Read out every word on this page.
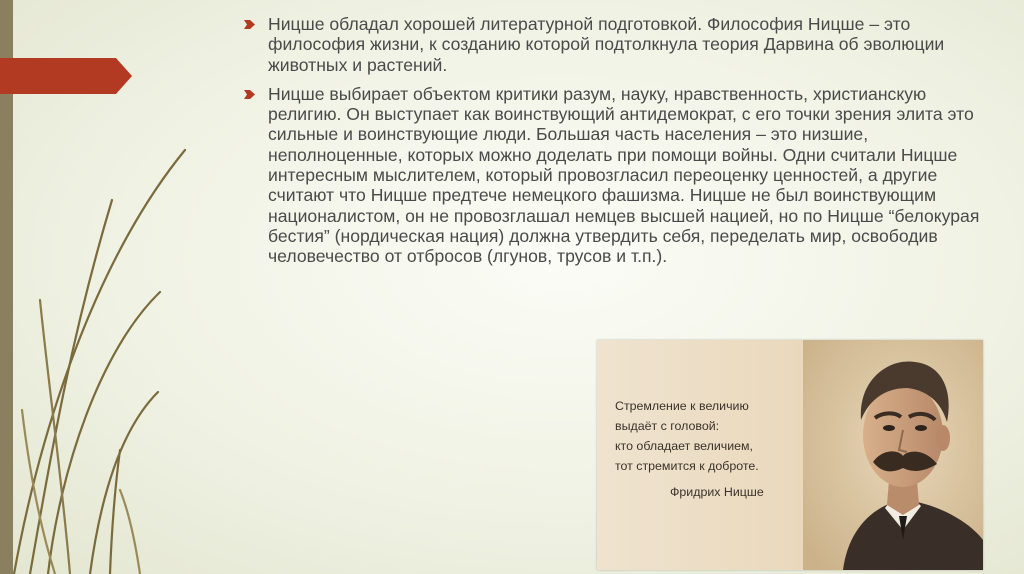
Ницше обладал хорошей литературной подготовкой. Философия Ницше – это философия жизни, к созданию которой подтолкнула теория Дарвина об эволюции животных и растений.
Ницше выбирает объектом критики разум, науку, нравственность, христианскую религию. Он выступает как воинствующий антидемократ, с его точки зрения элита это сильные и воинствующие люди. Большая часть населения – это низшие, неполноценные, которых можно доделать при помощи войны. Одни считали Ницше интересным мыслителем, который провозгласил переоценку ценностей, а другие считают что Ницше предтече немецкого фашизма. Ницше не был воинствующим националистом, он не провозглашал немцев высшей нацией, но по Ницше “белокурая бестия” (нордическая нация) должна утвердить себя, переделать мир, освободив человечество от отбросов (лгунов, трусов и т.п.).
Стремление к величию
выдаёт с головой:
кто обладает величием,
тот стремится к доброте.
Фридрих Ницше
